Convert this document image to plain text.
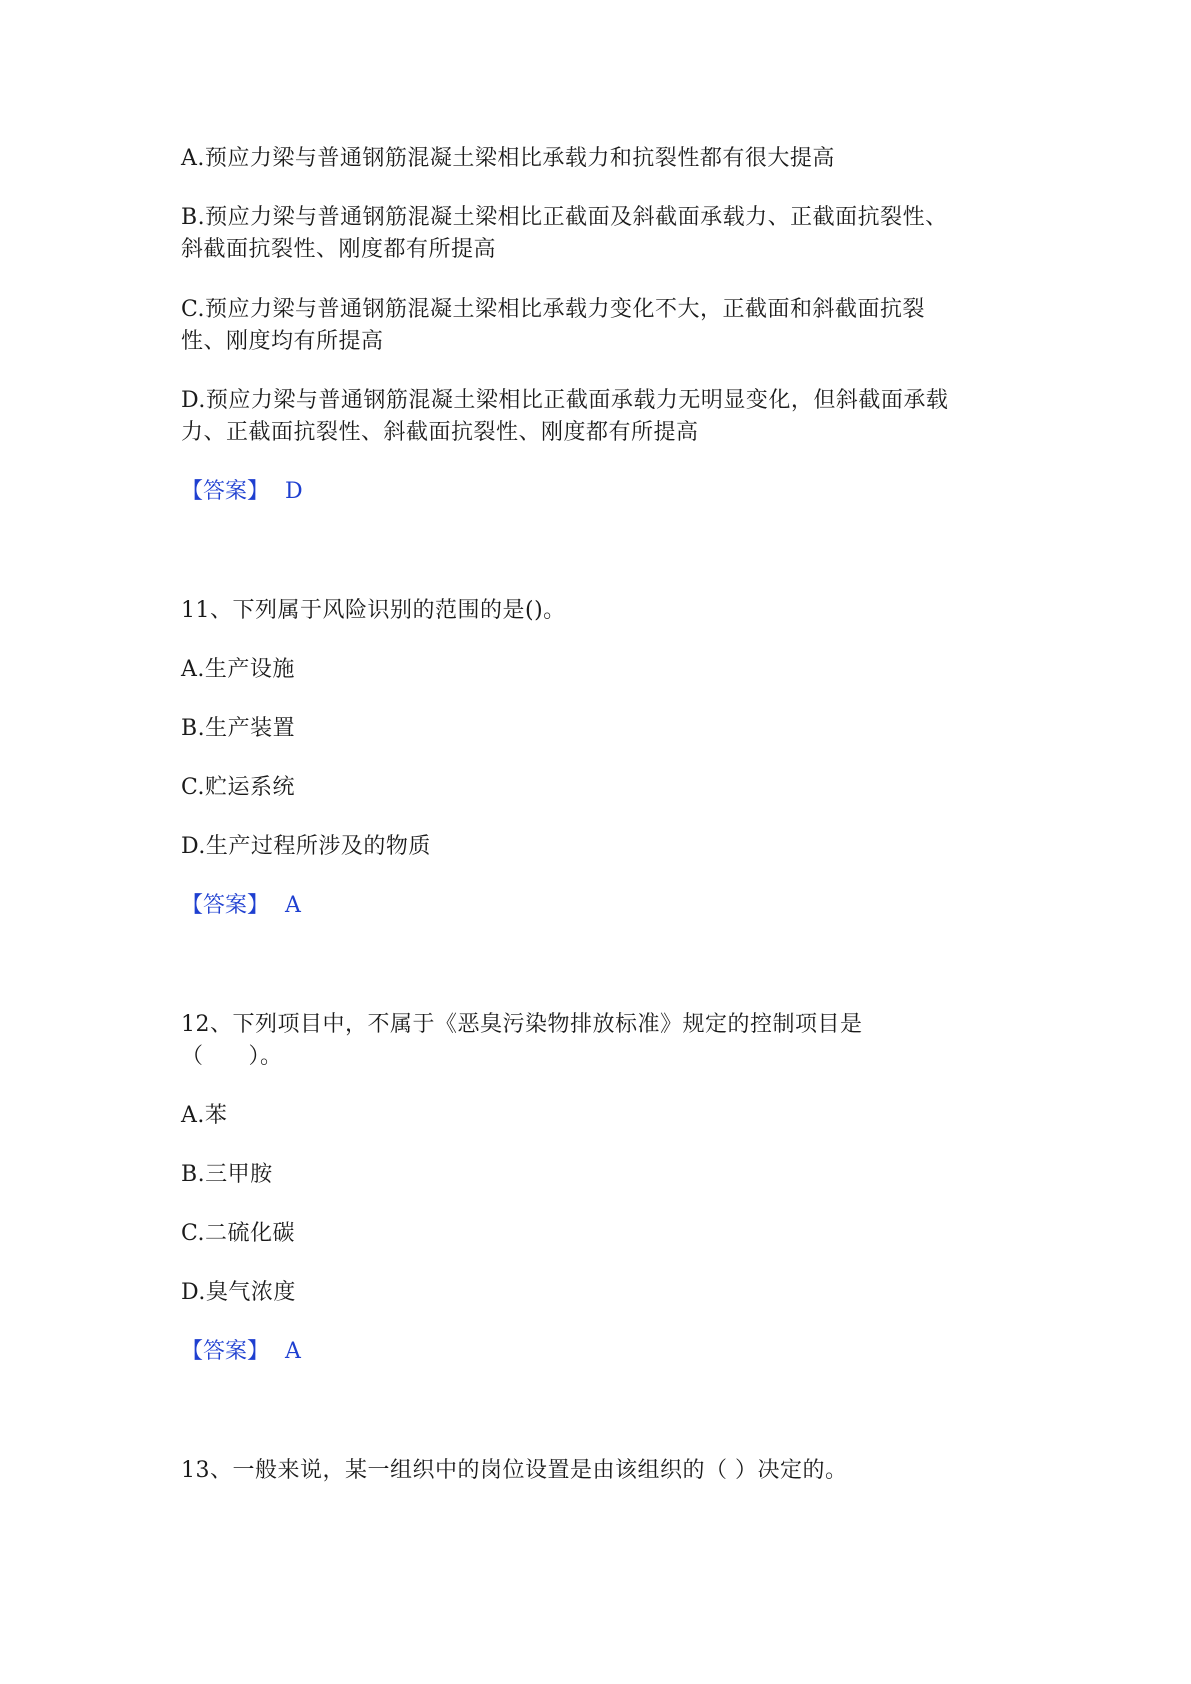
A.预应力梁与普通钢筋混凝土梁相比承载力和抗裂性都有很大提高
B.预应力梁与普通钢筋混凝土梁相比正截面及斜截面承载力、正截面抗裂性、
斜截面抗裂性、刚度都有所提高
C.预应力梁与普通钢筋混凝土梁相比承载力变化不大，正截面和斜截面抗裂
性、刚度均有所提高
D.预应力梁与普通钢筋混凝土梁相比正截面承载力无明显变化，但斜截面承载
力、正截面抗裂性、斜截面抗裂性、刚度都有所提高
【答案】 D
11、下列属于风险识别的范围的是()。
A.生产设施
B.生产装置
C.贮运系统
D.生产过程所涉及的物质
【答案】 A
12、下列项目中，不属于《恶臭污染物排放标准》规定的控制项目是
（　　）。
A.苯
B.三甲胺
C.二硫化碳
D.臭气浓度
【答案】 A
13、一般来说，某一组织中的岗位设置是由该组织的（ ）决定的。
